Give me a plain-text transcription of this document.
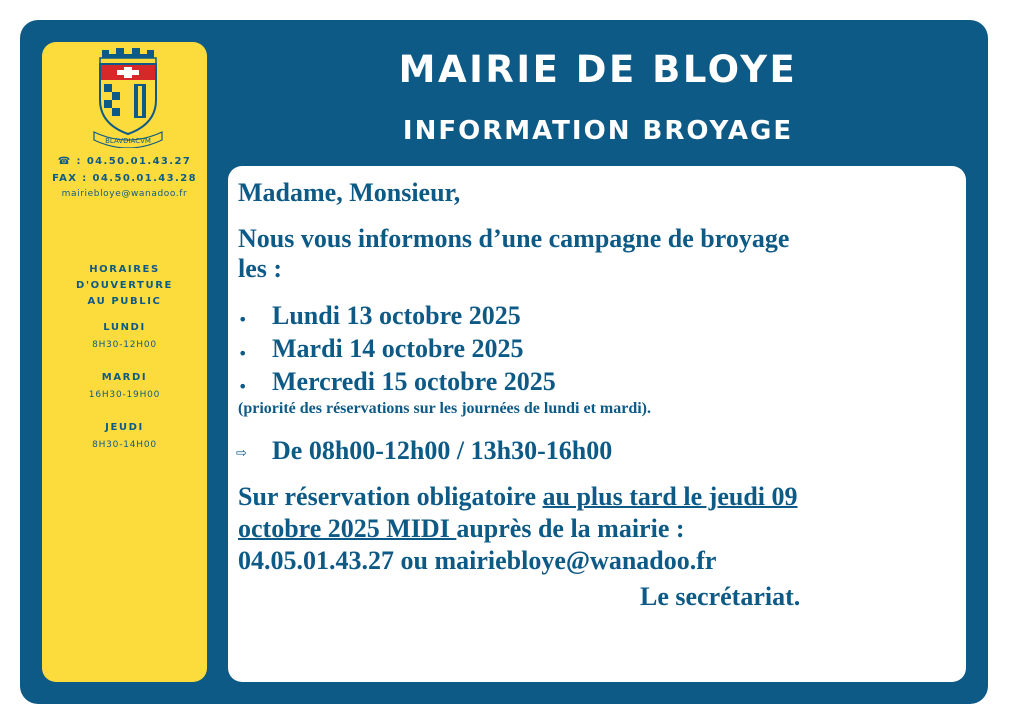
BLAVDIACVM
☎ : 04.50.01.43.27
FAX : 04.50.01.43.28
mairiebloye@wanadoo.fr
HORAIRES
D'OUVERTURE
AU PUBLIC
LUNDI
8H30-12H00
MARDI
16H30-19H00
JEUDI
8H30-14H00
MAIRIE DE BLOYE
INFORMATION BROYAGE
Madame, Monsieur,
Nous vous informons d’une campagne de broyage
les :
• Lundi 13 octobre 2025
• Mardi 14 octobre 2025
• Mercredi 15 octobre 2025
(priorité des réservations sur les journées de lundi et mardi).
⇨ De 08h00-12h00 / 13h30-16h00
Sur réservation obligatoire au plus tard le jeudi 09
octobre 2025 MIDI auprès de la mairie :
04.05.01.43.27 ou mairiebloye@wanadoo.fr
Le secrétariat.
